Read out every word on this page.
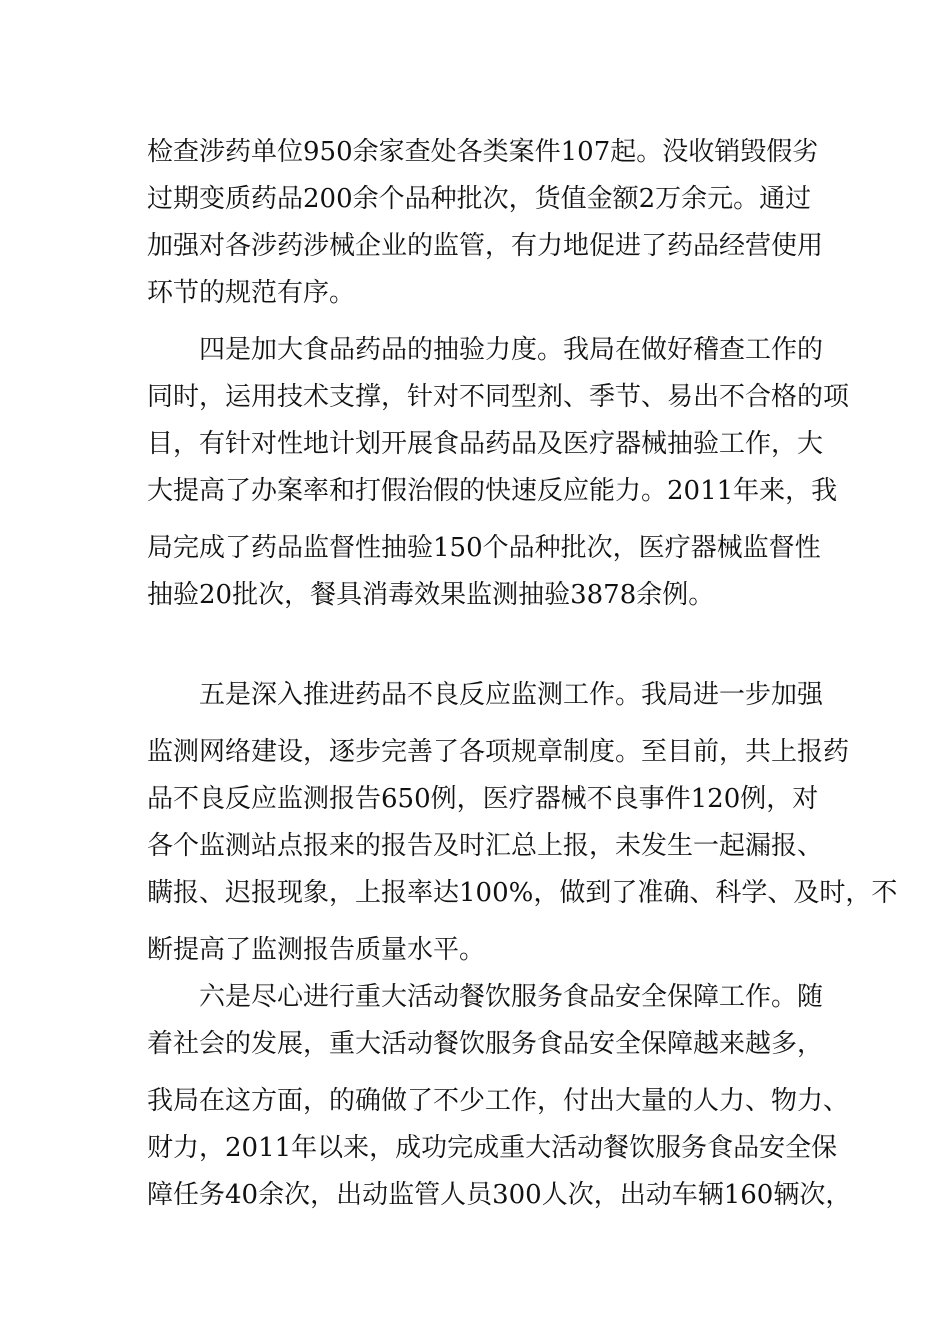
检查涉药单位950余家查处各类案件107起。没收销毁假劣

过期变质药品200余个品种批次，货值金额2万余元。通过

加强对各涉药涉械企业的监管，有力地促进了药品经营使用

环节的规范有序。

四是加大食品药品的抽验力度。我局在做好稽查工作的

同时，运用技术支撑，针对不同型剂、季节、易出不合格的项

目，有针对性地计划开展食品药品及医疗器械抽验工作，大

大提高了办案率和打假治假的快速反应能力。2011年来，我

局完成了药品监督性抽验150个品种批次，医疗器械监督性

抽验20批次，餐具消毒效果监测抽验3878余例。

五是深入推进药品不良反应监测工作。我局进一步加强

监测网络建设，逐步完善了各项规章制度。至目前，共上报药

品不良反应监测报告650例，医疗器械不良事件120例，对

各个监测站点报来的报告及时汇总上报，未发生一起漏报、

瞒报、迟报现象，上报率达100%，做到了准确、科学、及时，不

断提高了监测报告质量水平。

六是尽心进行重大活动餐饮服务食品安全保障工作。随

着社会的发展，重大活动餐饮服务食品安全保障越来越多，

我局在这方面，的确做了不少工作，付出大量的人力、物力、

财力，2011年以来，成功完成重大活动餐饮服务食品安全保

障任务40余次，出动监管人员300人次，出动车辆160辆次，
